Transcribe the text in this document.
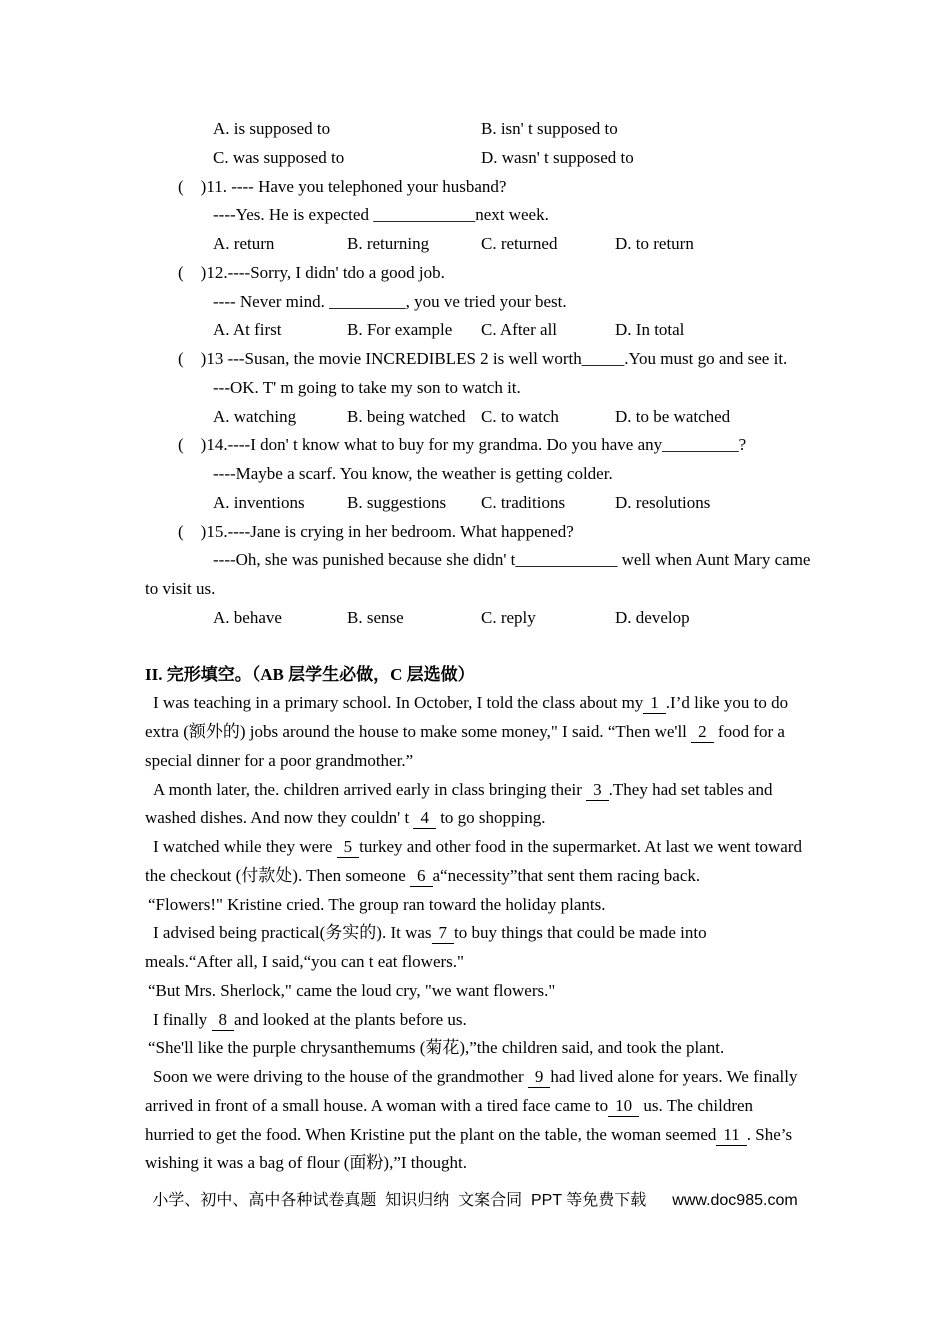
A. is supposed to	B. isn' t supposed to
C. was supposed to	D. wasn' t supposed to
(    )11. ---- Have you telephoned your husband?
----Yes. He is expected ____________next week.
A. return	B. returning	C. returned	D. to return
(    )12.----Sorry, I didn' tdo a good job.
---- Never mind. _________, you ve tried your best.
A. At first	B. For example	C. After all	D. In total
(    )13 ---Susan, the movie INCREDIBLES 2 is well worth_____.You must go and see it.
---OK. T' m going to take my son to watch it.
A. watching	B. being watched C. to watch	D. to be watched
(    )14.----I don' t know what to buy for my grandma. Do you have any_________?
----Maybe a scarf. You know, the weather is getting colder.
A. inventions	B. suggestions	C. traditions	D. resolutions
(    )15.----Jane is crying in her bedroom. What happened?
----Oh, she was punished because she didn' t____________ well when Aunt Mary came
to visit us.
A. behave	B. sense	C. reply	D. develop
II. 完形填空。（AB 层学生必做，C 层选做）
I was teaching in a primary school. In October, I told the class about my 1 .I’d like you to do
extra (额外的) jobs around the house to make some money," I said. “Then we'll 2 food for a
special dinner for a poor grandmother.”
A month later, the. children arrived early in class bringing their 3 .They had set tables and
washed dishes. And now they couldn' t 4 to go shopping.
I watched while they were 5 turkey and other food in the supermarket. At last we went toward
the checkout (付款处). Then someone 6 a“necessity”that sent them racing back.
“Flowers!" Kristine cried. The group ran toward the holiday plants.
I advised being practical(务实的). It was 7 to buy things that could be made into
meals.“After all, I said,“you can t eat flowers."
“But Mrs. Sherlock," came the loud cry, "we want flowers."
I finally 8 and looked at the plants before us.
“She'll like the purple chrysanthemums (菊花),”the children said, and took the plant.
Soon we were driving to the house of the grandmother 9 had lived alone for years. We finally
arrived in front of a small house. A woman with a tired face came to 10 us. The children
hurried to get the food. When Kristine put the plant on the table, the woman seemed 11 . She’s
wishing it was a bag of flour (面粉),”I thought.
小学、初中、高中各种试卷真题  知识归纳  文案合同  PPT 等免费下载 www.doc985.com
